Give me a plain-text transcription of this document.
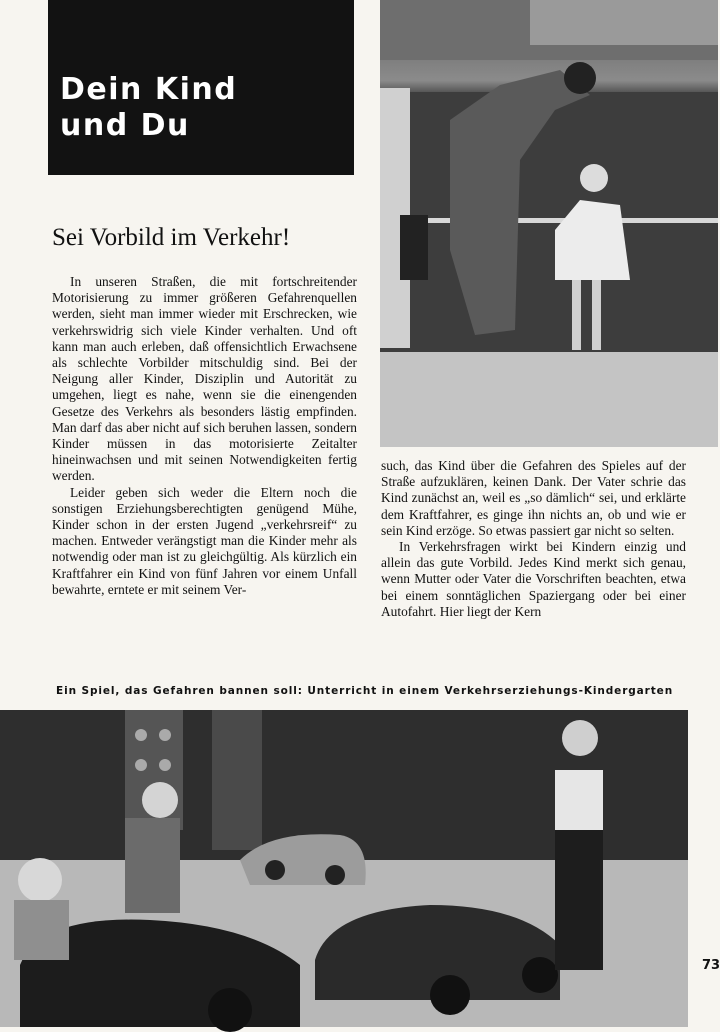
Dein Kind
und Du
Sei Vorbild im Verkehr!

In unseren Straßen, die mit fortschreitender Motorisierung zu immer größeren Gefahrenquellen werden, sieht man immer wieder mit Erschrecken, wie verkehrswidrig sich viele Kinder verhalten. Und oft kann man auch erleben, daß offensichtlich Erwachsene als schlechte Vorbilder mitschuldig sind. Bei der Neigung aller Kinder, Disziplin und Autorität zu umgehen, liegt es nahe, wenn sie die einengenden Gesetze des Verkehrs als besonders lästig empfinden. Man darf das aber nicht auf sich beruhen lassen, sondern Kinder müssen in das motorisierte Zeitalter hineinwachsen und mit seinen Notwendigkeiten fertig werden.

Leider geben sich weder die Eltern noch die sonstigen Erziehungsberechtigten genügend Mühe, Kinder schon in der ersten Jugend „verkehrsreif“ zu machen. Entweder verängstigt man die Kinder mehr als notwendig oder man ist zu gleichgültig. Als kürzlich ein Kraftfahrer ein Kind von fünf Jahren vor einem Unfall bewahrte, erntete er mit seinem Ver-

such, das Kind über die Gefahren des Spieles auf der Straße aufzuklären, keinen Dank. Der Vater schrie das Kind zunächst an, weil es „so dämlich“ sei, und erklärte dem Kraftfahrer, es ginge ihn nichts an, ob und wie er sein Kind erzöge. So etwas passiert gar nicht so selten.

In Verkehrsfragen wirkt bei Kindern einzig und allein das gute Vorbild. Jedes Kind merkt sich genau, wenn Mutter oder Vater die Vorschriften beachten, etwa bei einem sonntäglichen Spaziergang oder bei einer Autofahrt. Hier liegt der Kern

Ein Spiel, das Gefahren bannen soll: Unterricht in einem Verkehrserziehungs-Kindergarten
73
